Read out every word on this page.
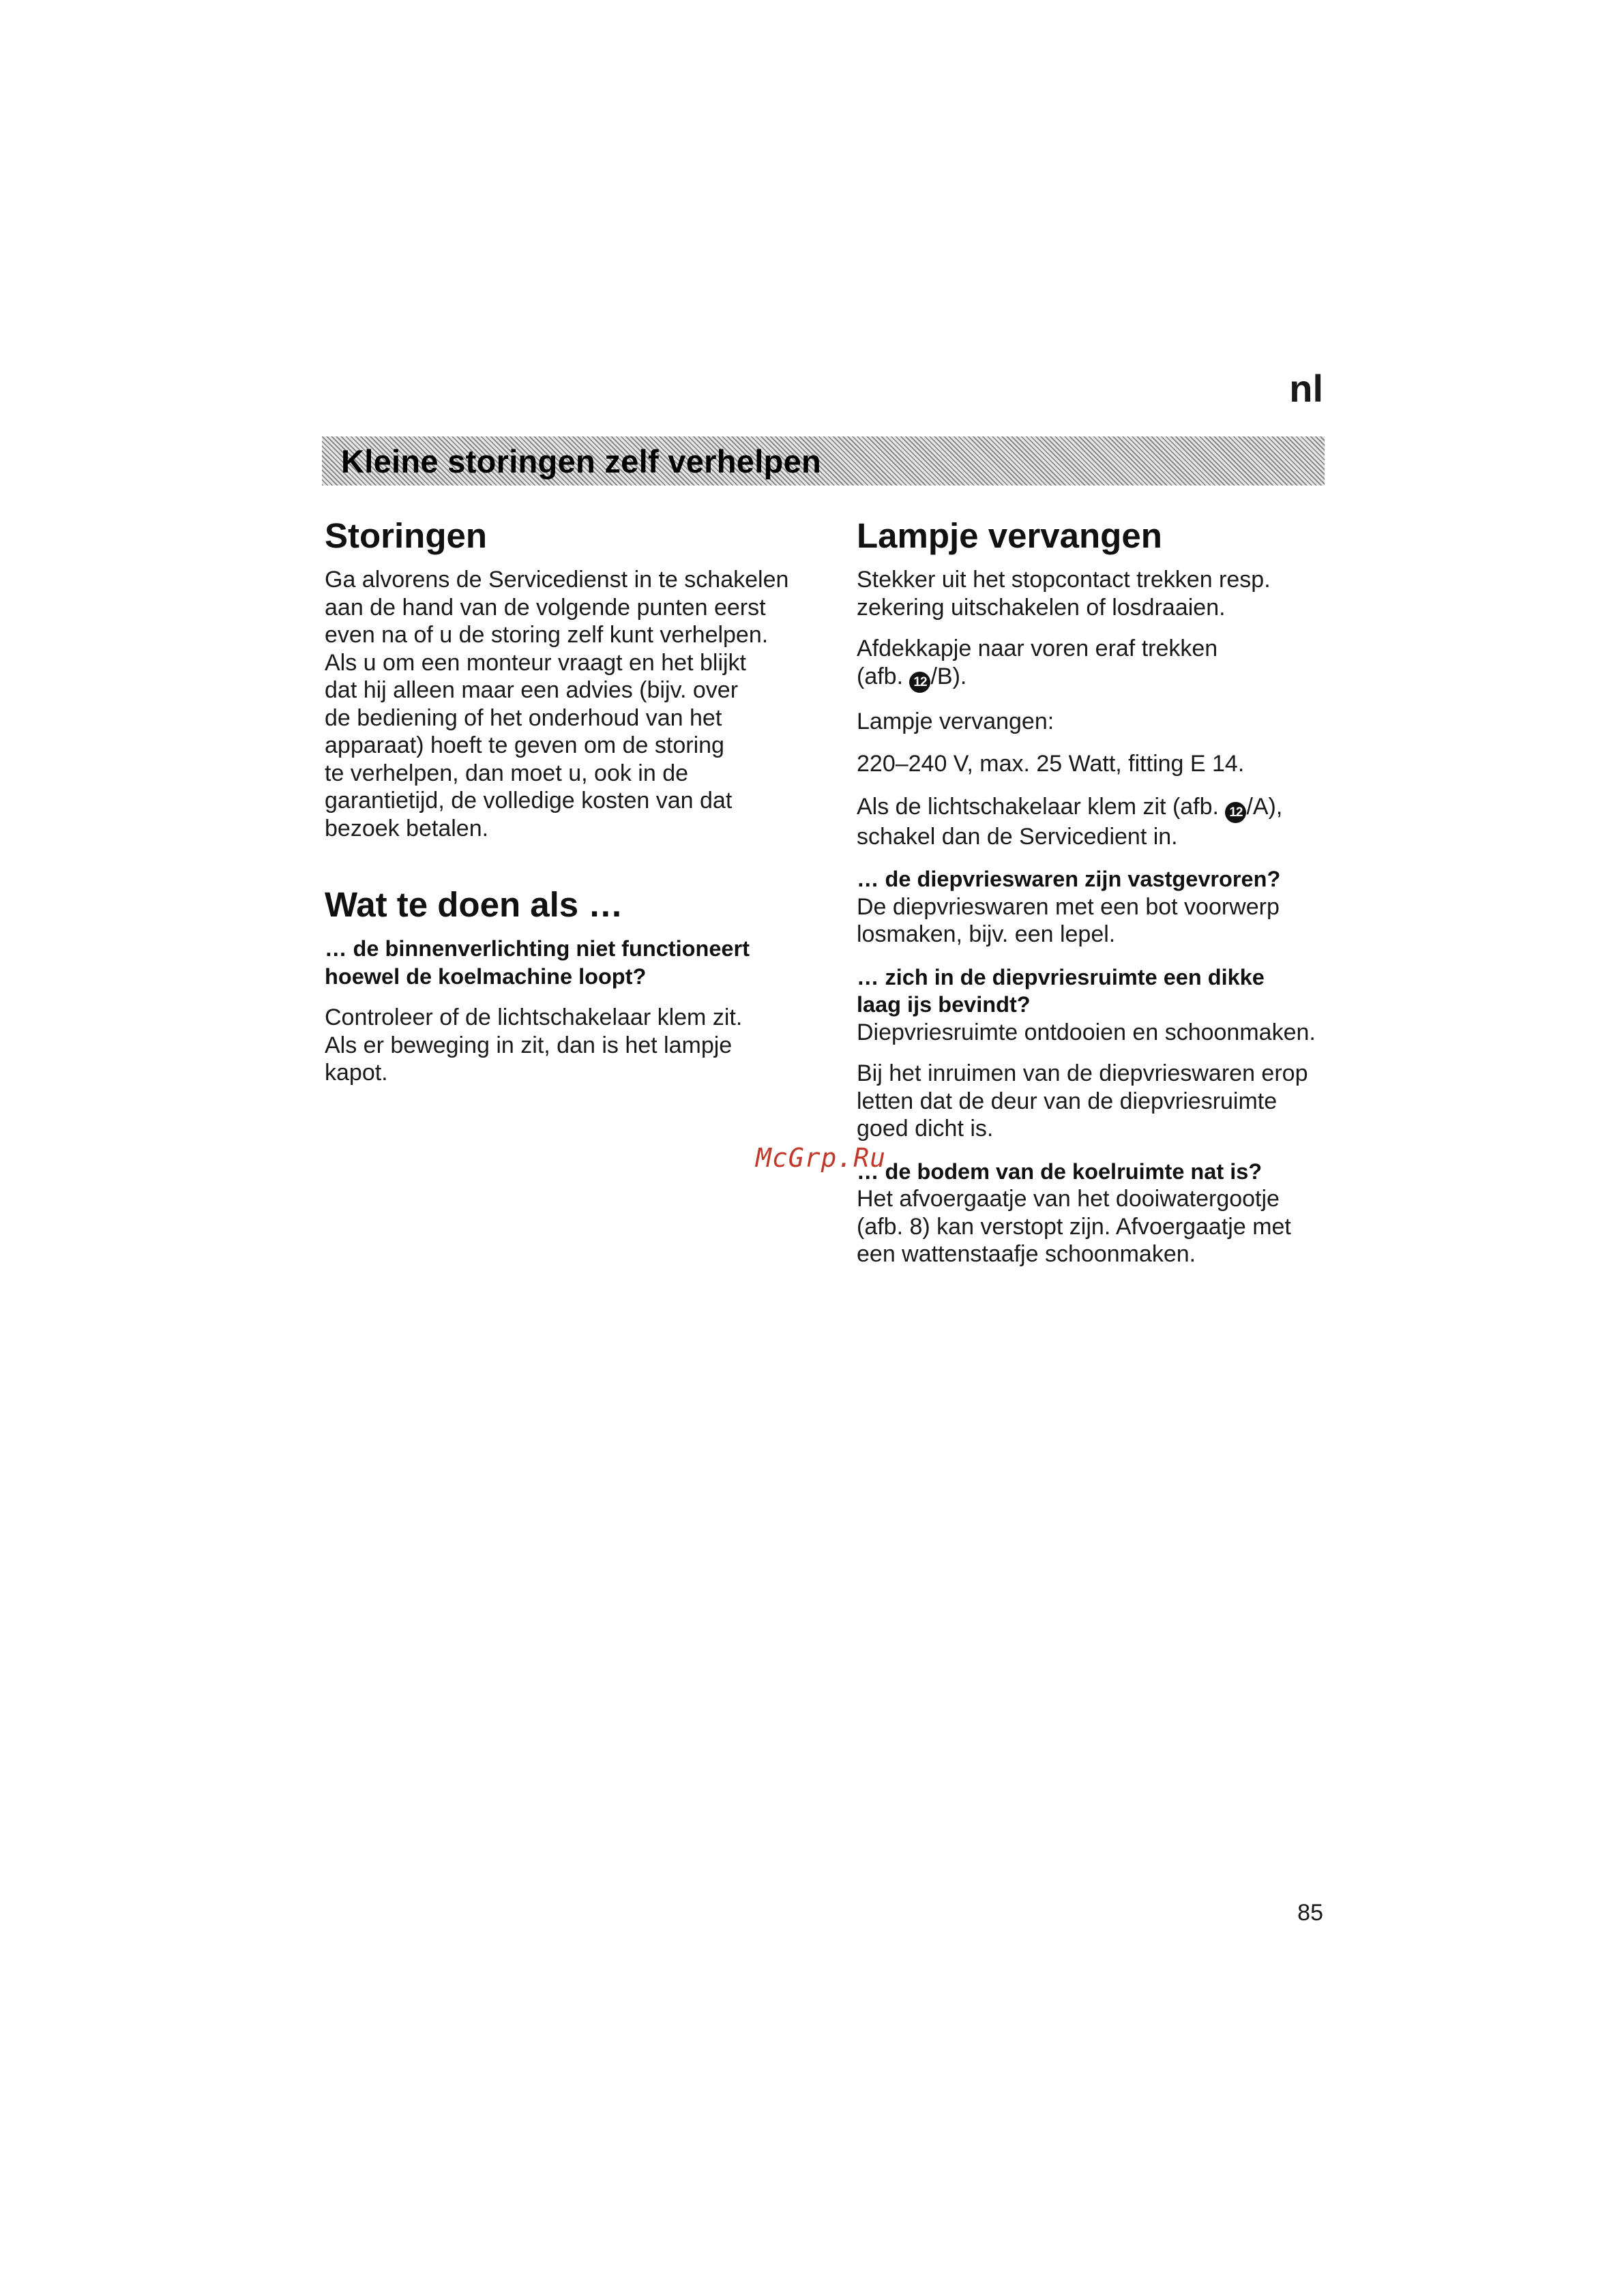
nl
Kleine storingen zelf verhelpen
Storingen
Ga alvorens de Servicedienst in te schakelen
aan de hand van de volgende punten eerst
even na of u de storing zelf kunt verhelpen.
Als u om een monteur vraagt en het blijkt
dat hij alleen maar een advies (bijv. over
de bediening of het onderhoud van het
apparaat) hoeft te geven om de storing
te verhelpen, dan moet u, ook in de
garantietijd, de volledige kosten van dat
bezoek betalen.
Wat te doen als …
… de binnenverlichting niet functioneert
hoewel de koelmachine loopt?
Controleer of de lichtschakelaar klem zit.
Als er beweging in zit, dan is het lampje
kapot.
Lampje vervangen
Stekker uit het stopcontact trekken resp.
zekering uitschakelen of losdraaien.
Afdekkapje naar voren eraf trekken
(afb. 12 /B).
Lampje vervangen:
220–240 V, max. 25 Watt, fitting E 14.
Als de lichtschakelaar klem zit (afb. 12 /A),
schakel dan de Servicedient in.
… de diepvrieswaren zijn vastgevroren?
De diepvrieswaren met een bot voorwerp
losmaken, bijv. een lepel.
… zich in de diepvriesruimte een dikke
laag ijs bevindt?
Diepvriesruimte ontdooien en schoonmaken.
Bij het inruimen van de diepvrieswaren erop
letten dat de deur van de diepvriesruimte
goed dicht is.
… de bodem van de koelruimte nat is?
Het afvoergaatje van het dooiwatergootje
(afb. 8) kan verstopt zijn. Afvoergaatje met
een wattenstaafje schoonmaken.
McGrp.Ru
85
